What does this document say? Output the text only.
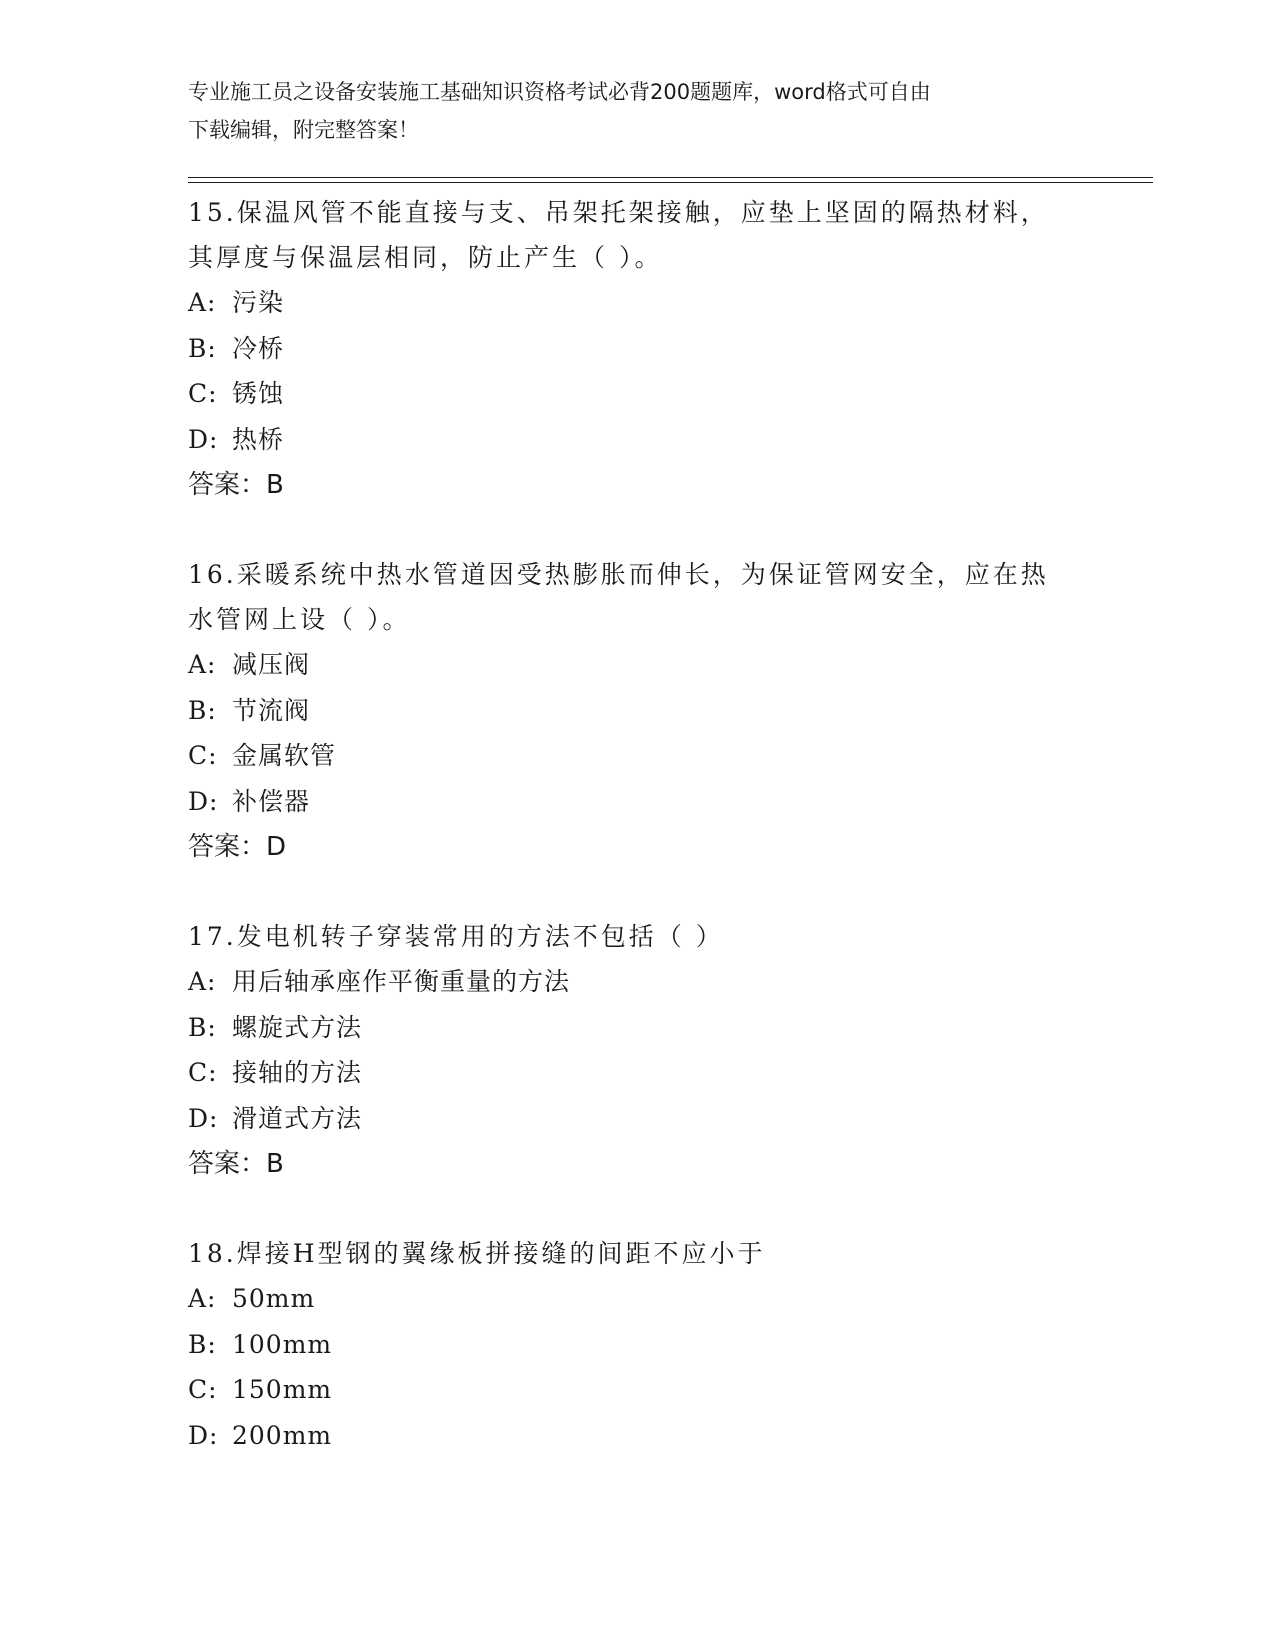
专业施工员之设备安装施工基础知识资格考试必背200题题库，word格式可自由
下载编辑，附完整答案！
15.保温风管不能直接与支、吊架托架接触，应垫上坚固的隔热材料，
其厚度与保温层相同，防止产生（ ）。
A: 污染
B: 冷桥
C: 锈蚀
D: 热桥
答案：B
16.采暖系统中热水管道因受热膨胀而伸长，为保证管网安全，应在热
水管网上设（ ）。
A: 减压阀
B: 节流阀
C: 金属软管
D: 补偿器
答案：D
17.发电机转子穿装常用的方法不包括（ ）
A: 用后轴承座作平衡重量的方法
B: 螺旋式方法
C: 接轴的方法
D: 滑道式方法
答案：B
18.焊接H型钢的翼缘板拼接缝的间距不应小于
A: 50mm
B: 100mm
C: 150mm
D: 200mm
